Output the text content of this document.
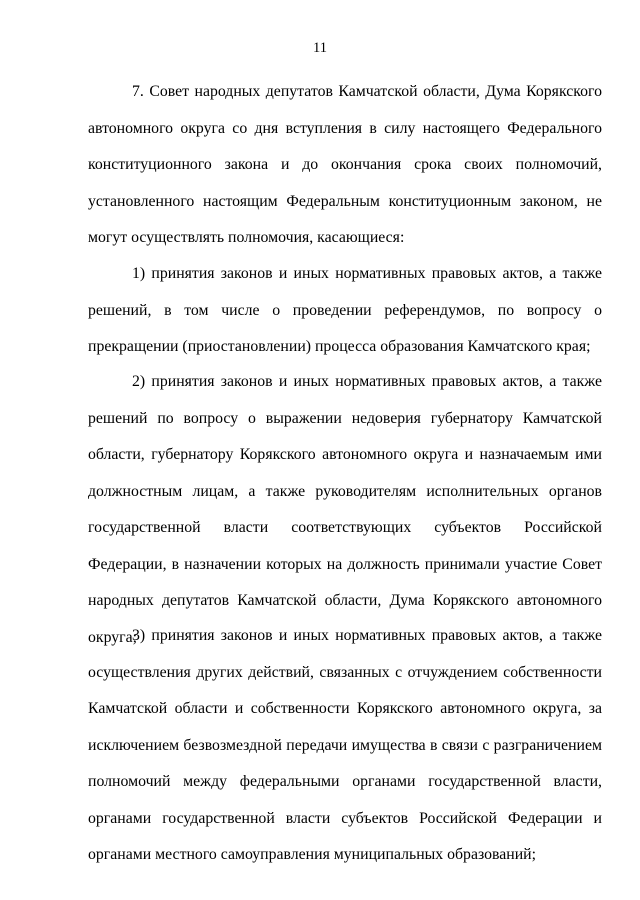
11

7. Совет народных депутатов Камчатской области, Дума Корякского автономного округа со дня вступления в силу настоящего Федерального конституционного закона и до окончания срока своих полномочий, установленного настоящим Федеральным конституционным законом, не могут осуществлять полномочия, касающиеся:

1) принятия законов и иных нормативных правовых актов, а также решений, в том числе о проведении референдумов, по вопросу о прекращении (приостановлении) процесса образования Камчатского края;

2) принятия законов и иных нормативных правовых актов, а также решений по вопросу о выражении недоверия губернатору Камчатской области, губернатору Корякского автономного округа и назначаемым ими должностным лицам, а также руководителям исполнительных органов государственной власти соответствующих субъектов Российской Федерации, в назначении которых на должность принимали участие Совет народных депутатов Камчатской области, Дума Корякского автономного округа;

3) принятия законов и иных нормативных правовых актов, а также осуществления других действий, связанных с отчуждением собственности Камчатской области и собственности Корякского автономного округа, за исключением безвозмездной передачи имущества в связи с разграничением полномочий между федеральными органами государственной власти, органами государственной власти субъектов Российской Федерации и органами местного самоуправления муниципальных образований;
